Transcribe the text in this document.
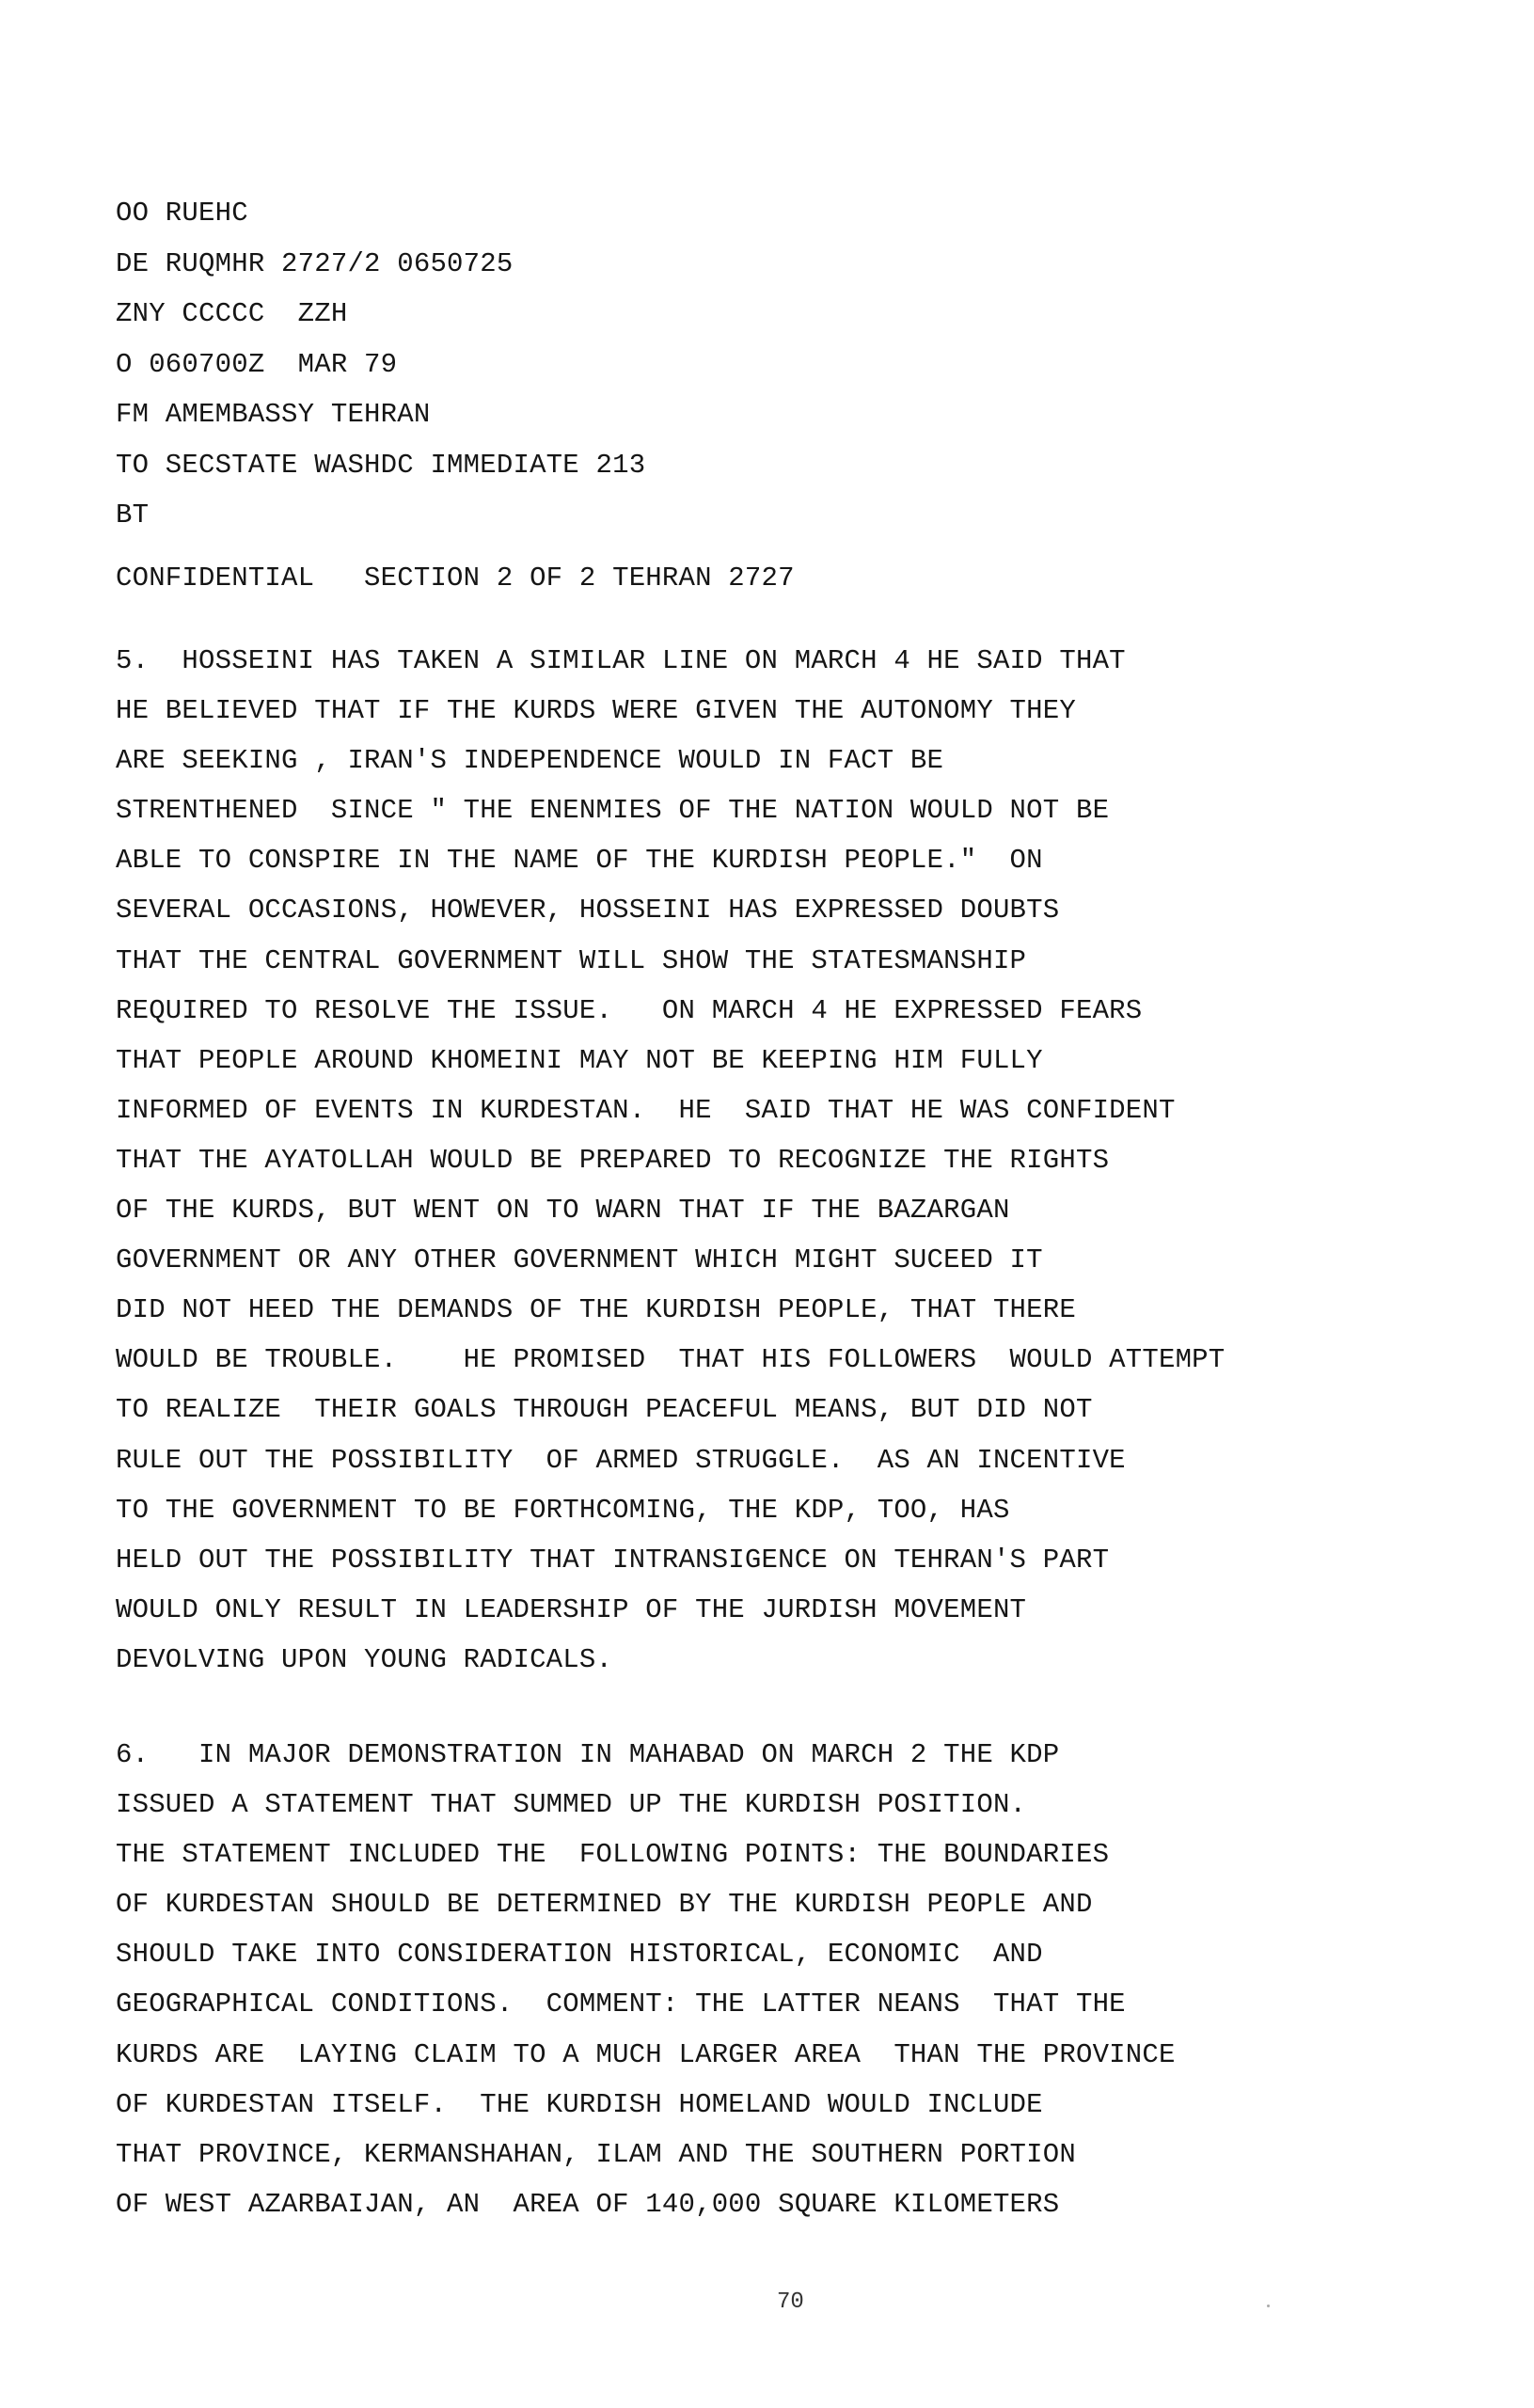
OO RUEHC
DE RUQMHR 2727/2 0650725
ZNY CCCCC  ZZH
O 060700Z  MAR 79
FM AMEMBASSY TEHRAN
TO SECSTATE WASHDC IMMEDIATE 213
BT
CONFIDENTIAL   SECTION 2 OF 2 TEHRAN 2727
5.  HOSSEINI HAS TAKEN A SIMILAR LINE ON MARCH 4 HE SAID THAT
HE BELIEVED THAT IF THE KURDS WERE GIVEN THE AUTONOMY THEY
ARE SEEKING , IRAN'S INDEPENDENCE WOULD IN FACT BE
STRENTHENED  SINCE " THE ENENMIES OF THE NATION WOULD NOT BE
ABLE TO CONSPIRE IN THE NAME OF THE KURDISH PEOPLE."  ON
SEVERAL OCCASIONS, HOWEVER, HOSSEINI HAS EXPRESSED DOUBTS
THAT THE CENTRAL GOVERNMENT WILL SHOW THE STATESMANSHIP
REQUIRED TO RESOLVE THE ISSUE.   ON MARCH 4 HE EXPRESSED FEARS
THAT PEOPLE AROUND KHOMEINI MAY NOT BE KEEPING HIM FULLY
INFORMED OF EVENTS IN KURDESTAN.  HE  SAID THAT HE WAS CONFIDENT
THAT THE AYATOLLAH WOULD BE PREPARED TO RECOGNIZE THE RIGHTS
OF THE KURDS, BUT WENT ON TO WARN THAT IF THE BAZARGAN
GOVERNMENT OR ANY OTHER GOVERNMENT WHICH MIGHT SUCEED IT
DID NOT HEED THE DEMANDS OF THE KURDISH PEOPLE, THAT THERE
WOULD BE TROUBLE.    HE PROMISED  THAT HIS FOLLOWERS  WOULD ATTEMPT
TO REALIZE  THEIR GOALS THROUGH PEACEFUL MEANS, BUT DID NOT
RULE OUT THE POSSIBILITY  OF ARMED STRUGGLE.  AS AN INCENTIVE
TO THE GOVERNMENT TO BE FORTHCOMING, THE KDP, TOO, HAS
HELD OUT THE POSSIBILITY THAT INTRANSIGENCE ON TEHRAN'S PART
WOULD ONLY RESULT IN LEADERSHIP OF THE JURDISH MOVEMENT
DEVOLVING UPON YOUNG RADICALS.
6.   IN MAJOR DEMONSTRATION IN MAHABAD ON MARCH 2 THE KDP
ISSUED A STATEMENT THAT SUMMED UP THE KURDISH POSITION.
THE STATEMENT INCLUDED THE  FOLLOWING POINTS: THE BOUNDARIES
OF KURDESTAN SHOULD BE DETERMINED BY THE KURDISH PEOPLE AND
SHOULD TAKE INTO CONSIDERATION HISTORICAL, ECONOMIC  AND
GEOGRAPHICAL CONDITIONS.  COMMENT: THE LATTER NEANS  THAT THE
KURDS ARE  LAYING CLAIM TO A MUCH LARGER AREA  THAN THE PROVINCE
OF KURDESTAN ITSELF.  THE KURDISH HOMELAND WOULD INCLUDE
THAT PROVINCE, KERMANSHAHAN, ILAM AND THE SOUTHERN PORTION
OF WEST AZARBAIJAN, AN  AREA OF 140,000 SQUARE KILOMETERS
70
